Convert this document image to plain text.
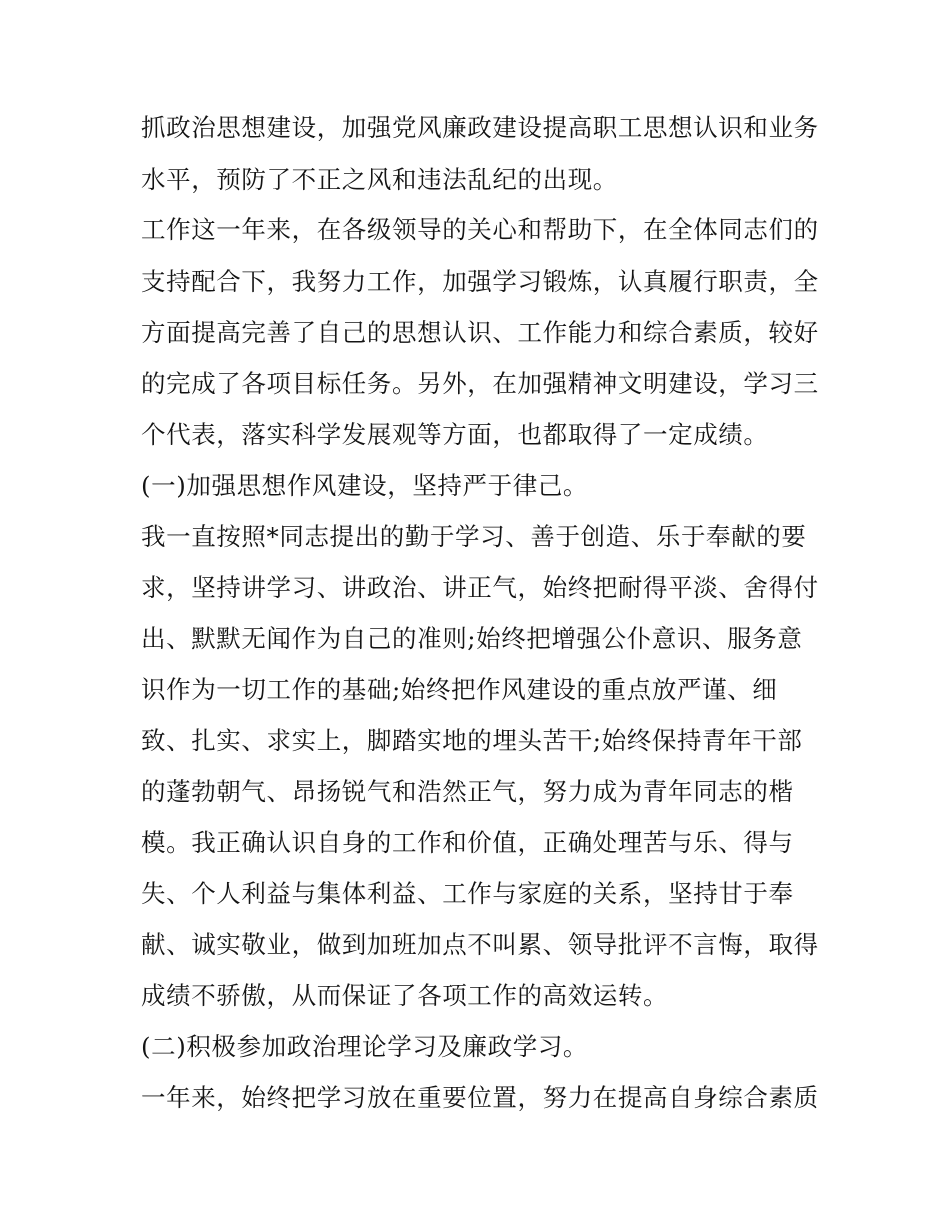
抓政治思想建设，加强党风廉政建设提高职工思想认识和业务
水平，预防了不正之风和违法乱纪的出现。
工作这一年来，在各级领导的关心和帮助下，在全体同志们的
支持配合下，我努力工作，加强学习锻炼，认真履行职责，全
方面提高完善了自己的思想认识、工作能力和综合素质，较好
的完成了各项目标任务。另外，在加强精神文明建设，学习三
个代表，落实科学发展观等方面，也都取得了一定成绩。
(一)加强思想作风建设，坚持严于律己。
我一直按照*同志提出的勤于学习、善于创造、乐于奉献的要
求，坚持讲学习、讲政治、讲正气，始终把耐得平淡、舍得付
出、默默无闻作为自己的准则;始终把增强公仆意识、服务意
识作为一切工作的基础;始终把作风建设的重点放严谨、细
致、扎实、求实上，脚踏实地的埋头苦干;始终保持青年干部
的蓬勃朝气、昂扬锐气和浩然正气，努力成为青年同志的楷
模。我正确认识自身的工作和价值，正确处理苦与乐、得与
失、个人利益与集体利益、工作与家庭的关系，坚持甘于奉
献、诚实敬业，做到加班加点不叫累、领导批评不言悔，取得
成绩不骄傲，从而保证了各项工作的高效运转。
(二)积极参加政治理论学习及廉政学习。
一年来，始终把学习放在重要位置，努力在提高自身综合素质
